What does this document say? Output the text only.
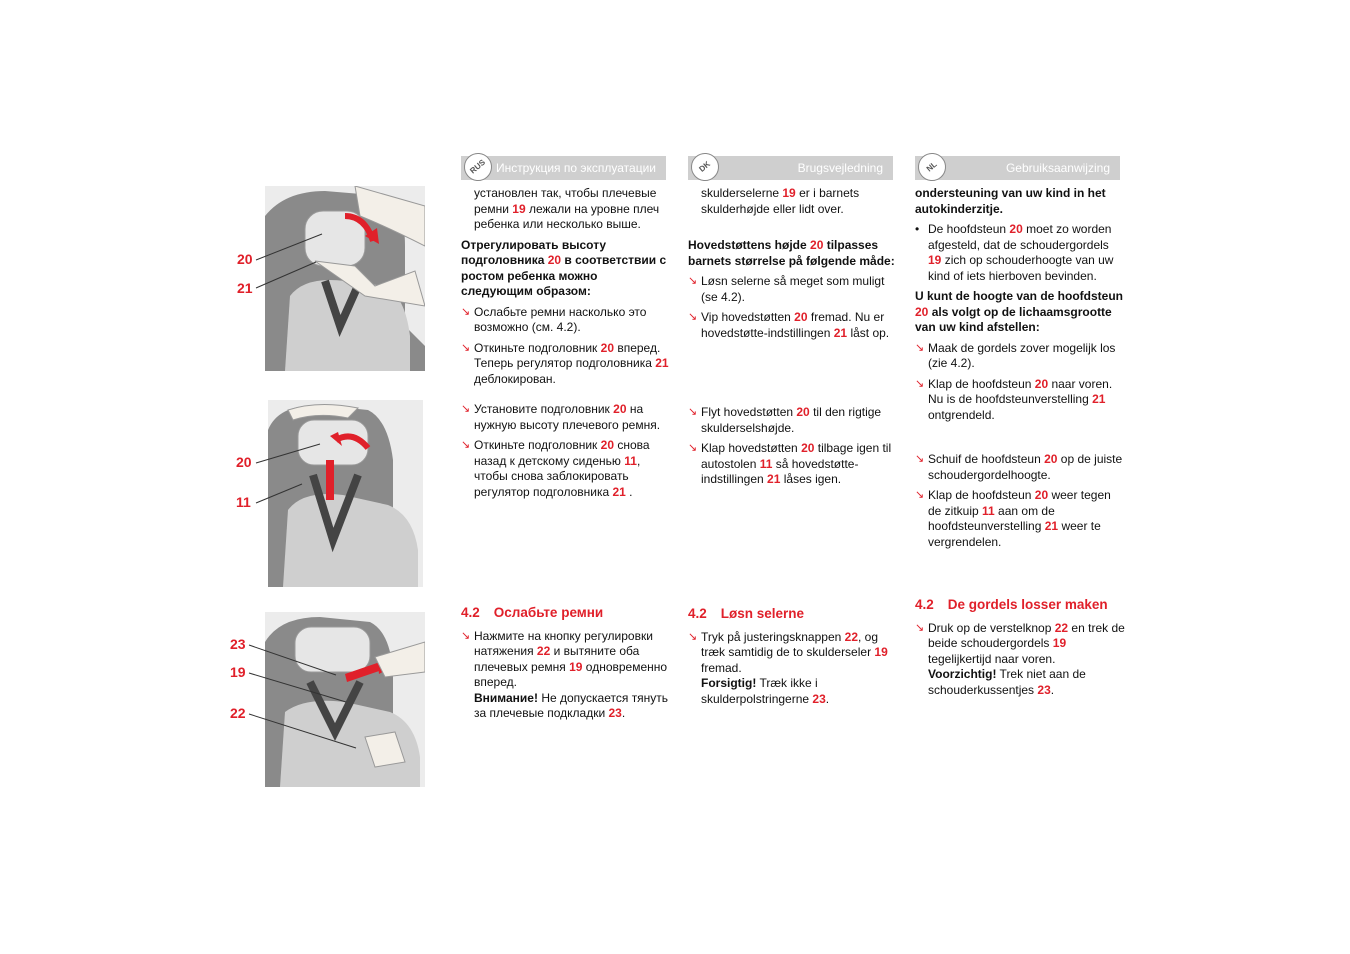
20
21
20
11
23
19
22
RUS Инструкция по эксплуатации	DK	Brugsvejledning	NL	Gebruiksaanwijzing

установлен так, чтобы плечевые ремни 19 лежали на уровне плеч ребенка или несколько выше.

Отрегулировать высоту подголовника 20 в соответствии с ростом ребенка можно следующим образом:

↘ Ослабьте ремни насколько это возможно (см. 4.2).
↘ Откиньте подголовник 20 вперед. Теперь регулятор подголовника 21 деблокирован.
↘ Установите подголовник 20 на нужную высоту плечевого ремня.
↘ Откиньте подголовник 20 снова назад к детскому сиденью 11, чтобы снова заблокировать регулятор подголовника 21 .
4.2 Ослабьте ремни
↘ Нажмите на кнопку регулировки натяжения 22 и вытяните оба плечевых ремня 19 одновременно вперед.
Внимание! Не допускается тянуть за плечевые подкладки 23.

skulderselerne 19 er i barnets skulderhøjde eller lidt over.

Hovedstøttens højde 20 tilpasses barnets størrelse på følgende måde:

↘ Løsn selerne så meget som muligt (se 4.2).
↘ Vip hovedstøtten 20 fremad. Nu er hovedstøtte-indstillingen 21 låst op.
↘ Flyt hovedstøtten 20 til den rigtige skulderselshøjde.
↘ Klap hovedstøtten 20 tilbage igen til autostolen 11 så hovedstøtte-indstillingen 21 låses igen.
4.2 Løsn selerne
↘ Tryk på justeringsknappen 22, og træk samtidig de to skulderseler 19 fremad.
Forsigtig! Træk ikke i skulderpolstringerne 23.

ondersteuning van uw kind in het autokinderzitje.

• De hoofdsteun 20 moet zo worden afgesteld, dat de schoudergordels 19 zich op schouderhoogte van uw kind of iets hierboven bevinden.

U kunt de hoogte van de hoofdsteun 20 als volgt op de lichaamsgrootte van uw kind afstellen:

↘ Maak de gordels zover mogelijk los (zie 4.2).
↘ Klap de hoofdsteun 20 naar voren. Nu is de hoofdsteunverstelling 21 ontgrendeld.
↘ Schuif de hoofdsteun 20 op de juiste schoudergordelhoogte.
↘ Klap de hoofdsteun 20 weer tegen de zitkuip 11 aan om de hoofdsteunverstelling 21 weer te vergrendelen.
4.2 De gordels losser maken
↘ Druk op de verstelknop 22 en trek de beide schoudergordels 19 tegelijkertijd naar voren.
Voorzichtig! Trek niet aan de schouderkussentjes 23.
